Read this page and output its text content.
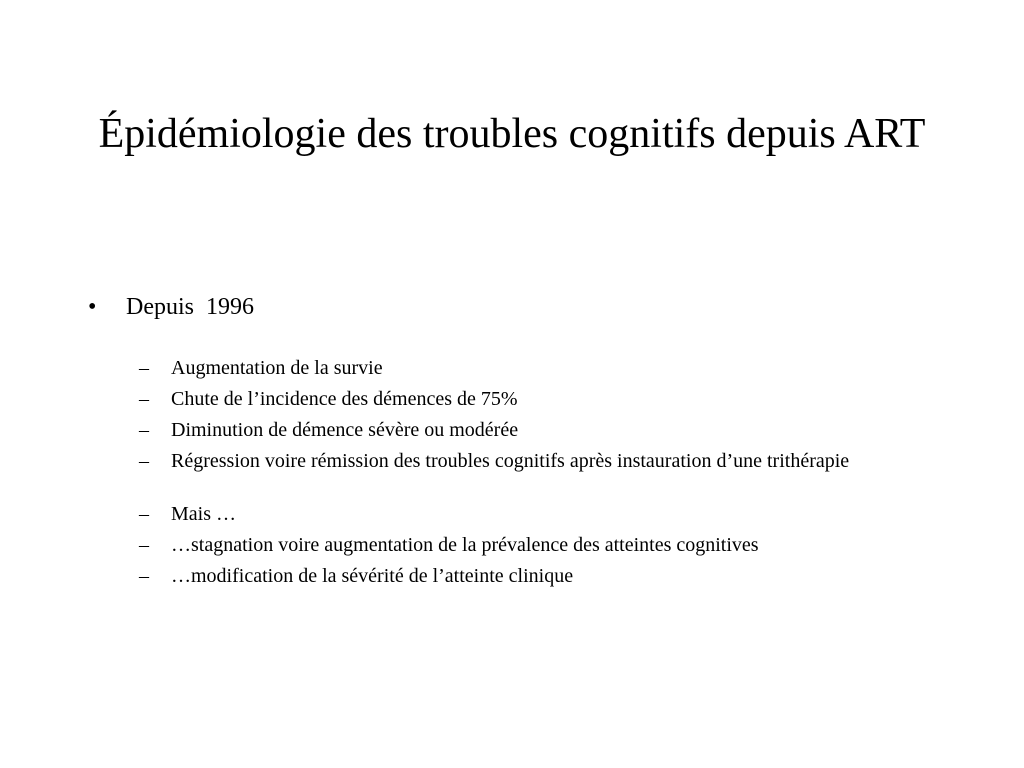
Épidémiologie des troubles cognitifs depuis ART

•

Depuis  1996

– Augmentation de la survie
– Chute de l’incidence des démences de 75%
– Diminution de démence sévère ou modérée
– Régression voire rémission des troubles cognitifs après instauration d’une trithérapie
– Mais …
– …stagnation voire augmentation de la prévalence des atteintes cognitives
– …modification de la sévérité de l’atteinte clinique
